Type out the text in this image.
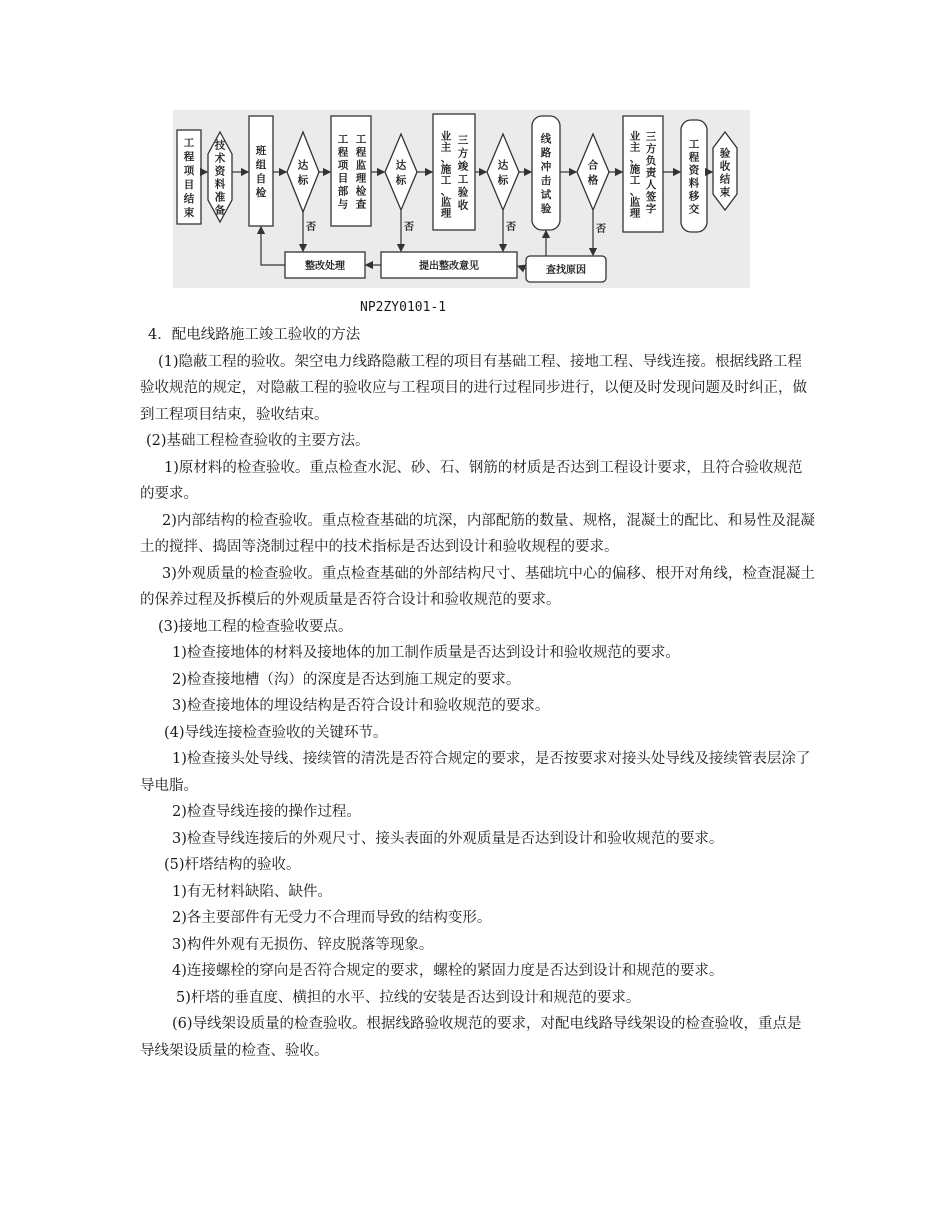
工
程
项
目
结
束
技
术
资
料
准
备
班
组
自
检
达
标
工
程
监
理
检
查
工
程
项
目
部
与
达
标
三
方
竣
工
验
收
业
主
、
施
工
、
监
理
达
标
线
路
冲
击
试
验
合
格
三
方
负
责
人
签
字
业
主
、
施
工
、
监
理
工
程
资
料
移
交
验
收
结
束
整改处理	提出整改意见	查找原因
否	否	否	否
NP2ZY0101-1

4．配电线路施工竣工验收的方法

(1)隐蔽工程的验收。架空电力线路隐蔽工程的项目有基础工程、接地工程、导线连接。根据线路工程验收规范的规定，对隐蔽工程的验收应与工程项目的进行过程同步进行，以便及时发现问题及时纠正，做到工程项目结束，验收结束。

(2)基础工程检查验收的主要方法。

1)原材料的检查验收。重点检查水泥、砂、石、钢筋的材质是否达到工程设计要求，且符合验收规范的要求。

2)内部结构的检查验收。重点检查基础的坑深，内部配筋的数量、规格，混凝土的配比、和易性及混凝土的搅拌、捣固等浇制过程中的技术指标是否达到设计和验收规程的要求。

3)外观质量的检查验收。重点检查基础的外部结构尺寸、基础坑中心的偏移、根开对角线，检查混凝土的保养过程及拆模后的外观质量是否符合设计和验收规范的要求。

(3)接地工程的检查验收要点。

1)检查接地体的材料及接地体的加工制作质量是否达到设计和验收规范的要求。

2)检查接地槽（沟）的深度是否达到施工规定的要求。

3)检查接地体的埋设结构是否符合设计和验收规范的要求。

(4)导线连接检查验收的关键环节。

1)检查接头处导线、接续管的清洗是否符合规定的要求，是否按要求对接头处导线及接续管表层涂了导电脂。

2)检查导线连接的操作过程。

3)检查导线连接后的外观尺寸、接头表面的外观质量是否达到设计和验收规范的要求。

(5)杆塔结构的验收。

1)有无材料缺陷、缺件。

2)各主要部件有无受力不合理而导致的结构变形。

3)构件外观有无损伤、锌皮脱落等现象。

4)连接螺栓的穿向是否符合规定的要求，螺栓的紧固力度是否达到设计和规范的要求。

5)杆塔的垂直度、横担的水平、拉线的安装是否达到设计和规范的要求。

(6)导线架设质量的检查验收。根据线路验收规范的要求，对配电线路导线架设的检查验收，重点是导线架设质量的检查、验收。
